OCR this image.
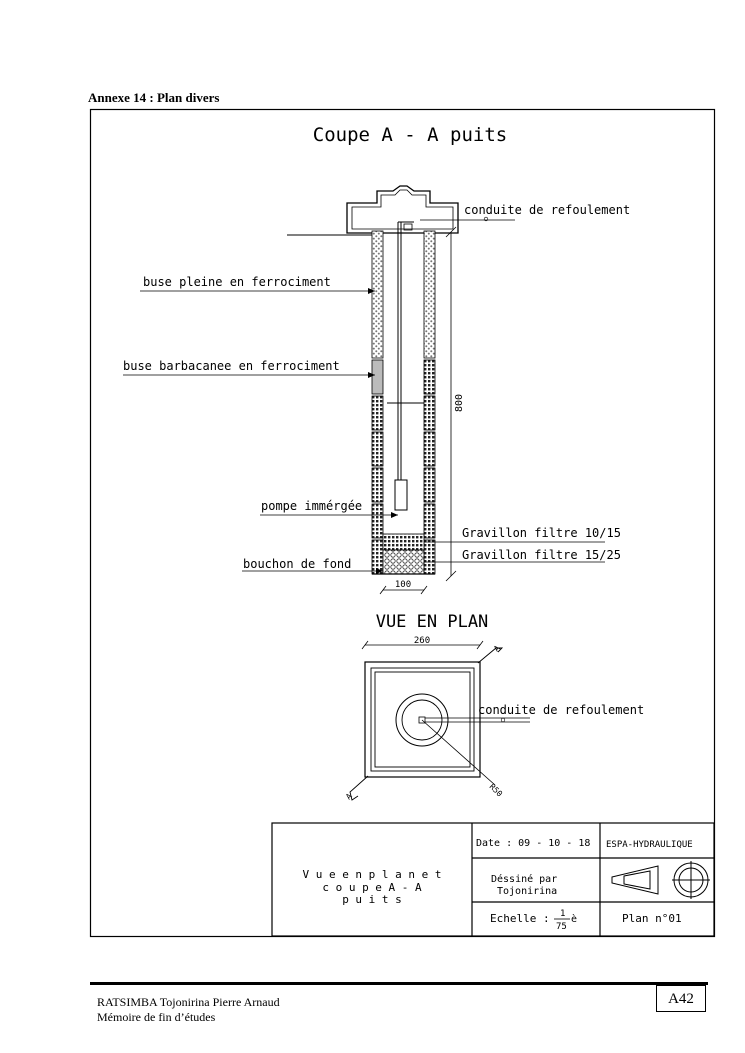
Annexe 14 : Plan divers
Coupe A - A puits
800
100
conduite de refoulement
buse pleine en ferrociment
buse barbacanee en ferrociment
pompe immérgée
bouchon de fond
Gravillon filtre 10/15
Gravillon filtre 15/25
VUE EN PLAN
260
conduite de refoulement
R50
A
A
V u e e n p l a n e t
c o u p e A - A
p u i t s
Date : 09 - 10 - 18 ESPA-HYDRAULIQUE
Déssiné par
Tojonirina
Echelle : 1
75
è	Plan n°01
RATSIMBA Tojonirina Pierre Arnaud
Mémoire de fin d’études
A42
